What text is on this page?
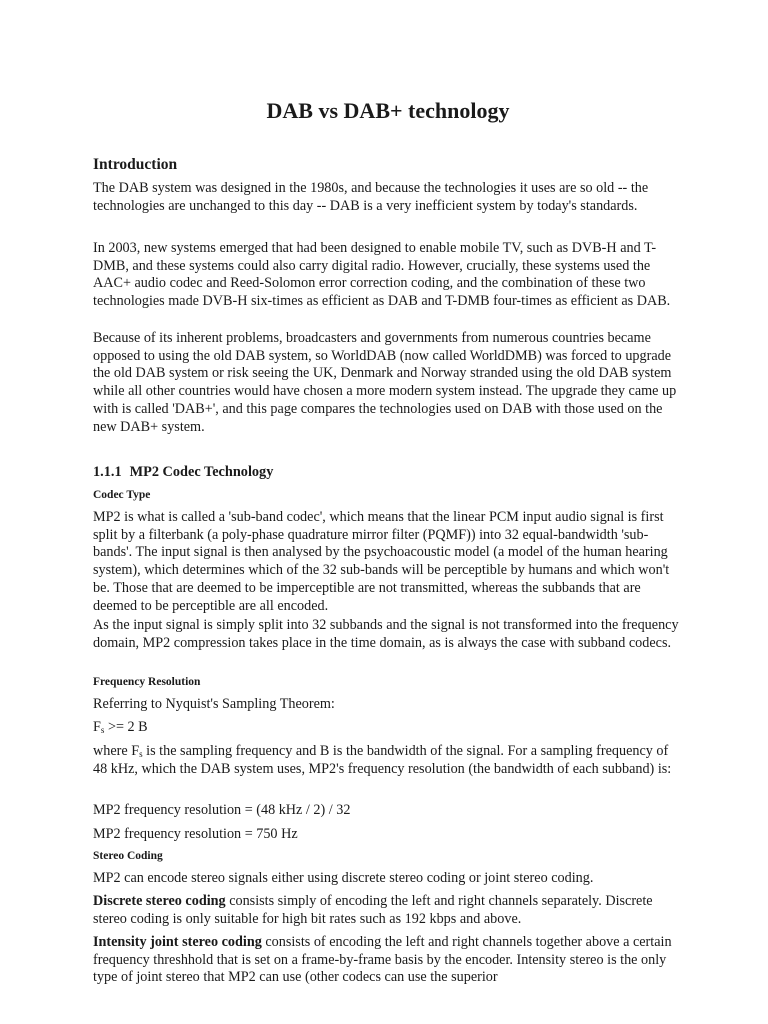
DAB vs DAB+ technology
Introduction

The DAB system was designed in the 1980s, and because the technologies it uses are so old -- the technologies are unchanged to this day -- DAB is a very inefficient system by today's standards.

In 2003, new systems emerged that had been designed to enable mobile TV, such as DVB-H and T-DMB, and these systems could also carry digital radio. However, crucially, these systems used the AAC+ audio codec and Reed-Solomon error correction coding, and the combination of these two technologies made DVB-H six-times as efficient as DAB and T-DMB four-times as efficient as DAB.

Because of its inherent problems, broadcasters and governments from numerous countries became opposed to using the old DAB system, so WorldDAB (now called WorldDMB) was forced to upgrade the old DAB system or risk seeing the UK, Denmark and Norway stranded using the old DAB system while all other countries would have chosen a more modern system instead. The upgrade they came up with is called 'DAB+', and this page compares the technologies used on DAB with those used on the new DAB+ system.

1.1.1 MP2 Codec Technology
Codec Type

MP2 is what is called a 'sub-band codec', which means that the linear PCM input audio signal is first split by a filterbank (a poly-phase quadrature mirror filter (PQMF)) into 32 equal-bandwidth 'sub-bands'. The input signal is then analysed by the psychoacoustic model (a model of the human hearing system), which determines which of the 32 sub-bands will be perceptible by humans and which won't be. Those that are deemed to be imperceptible are not transmitted, whereas the subbands that are deemed to be perceptible are all encoded.

As the input signal is simply split into 32 subbands and the signal is not transformed into the frequency domain, MP2 compression takes place in the time domain, as is always the case with subband codecs.

Frequency Resolution

Referring to Nyquist's Sampling Theorem:

$F_s >= 2$ B

where $F_s$ is the sampling frequency and B is the bandwidth of the signal. For a sampling frequency of 48 kHz, which the DAB system uses, MP2's frequency resolution (the bandwidth of each subband) is:

MP2 frequency resolution = (48 kHz / 2) / 32

MP2 frequency resolution = 750 Hz

Stereo Coding

MP2 can encode stereo signals either using discrete stereo coding or joint stereo coding.

Discrete stereo coding consists simply of encoding the left and right channels separately. Discrete stereo coding is only suitable for high bit rates such as 192 kbps and above.

Intensity joint stereo coding consists of encoding the left and right channels together above a certain frequency threshhold that is set on a frame-by-frame basis by the encoder. Intensity stereo is the only type of joint stereo that MP2 can use (other codecs can use the superior
